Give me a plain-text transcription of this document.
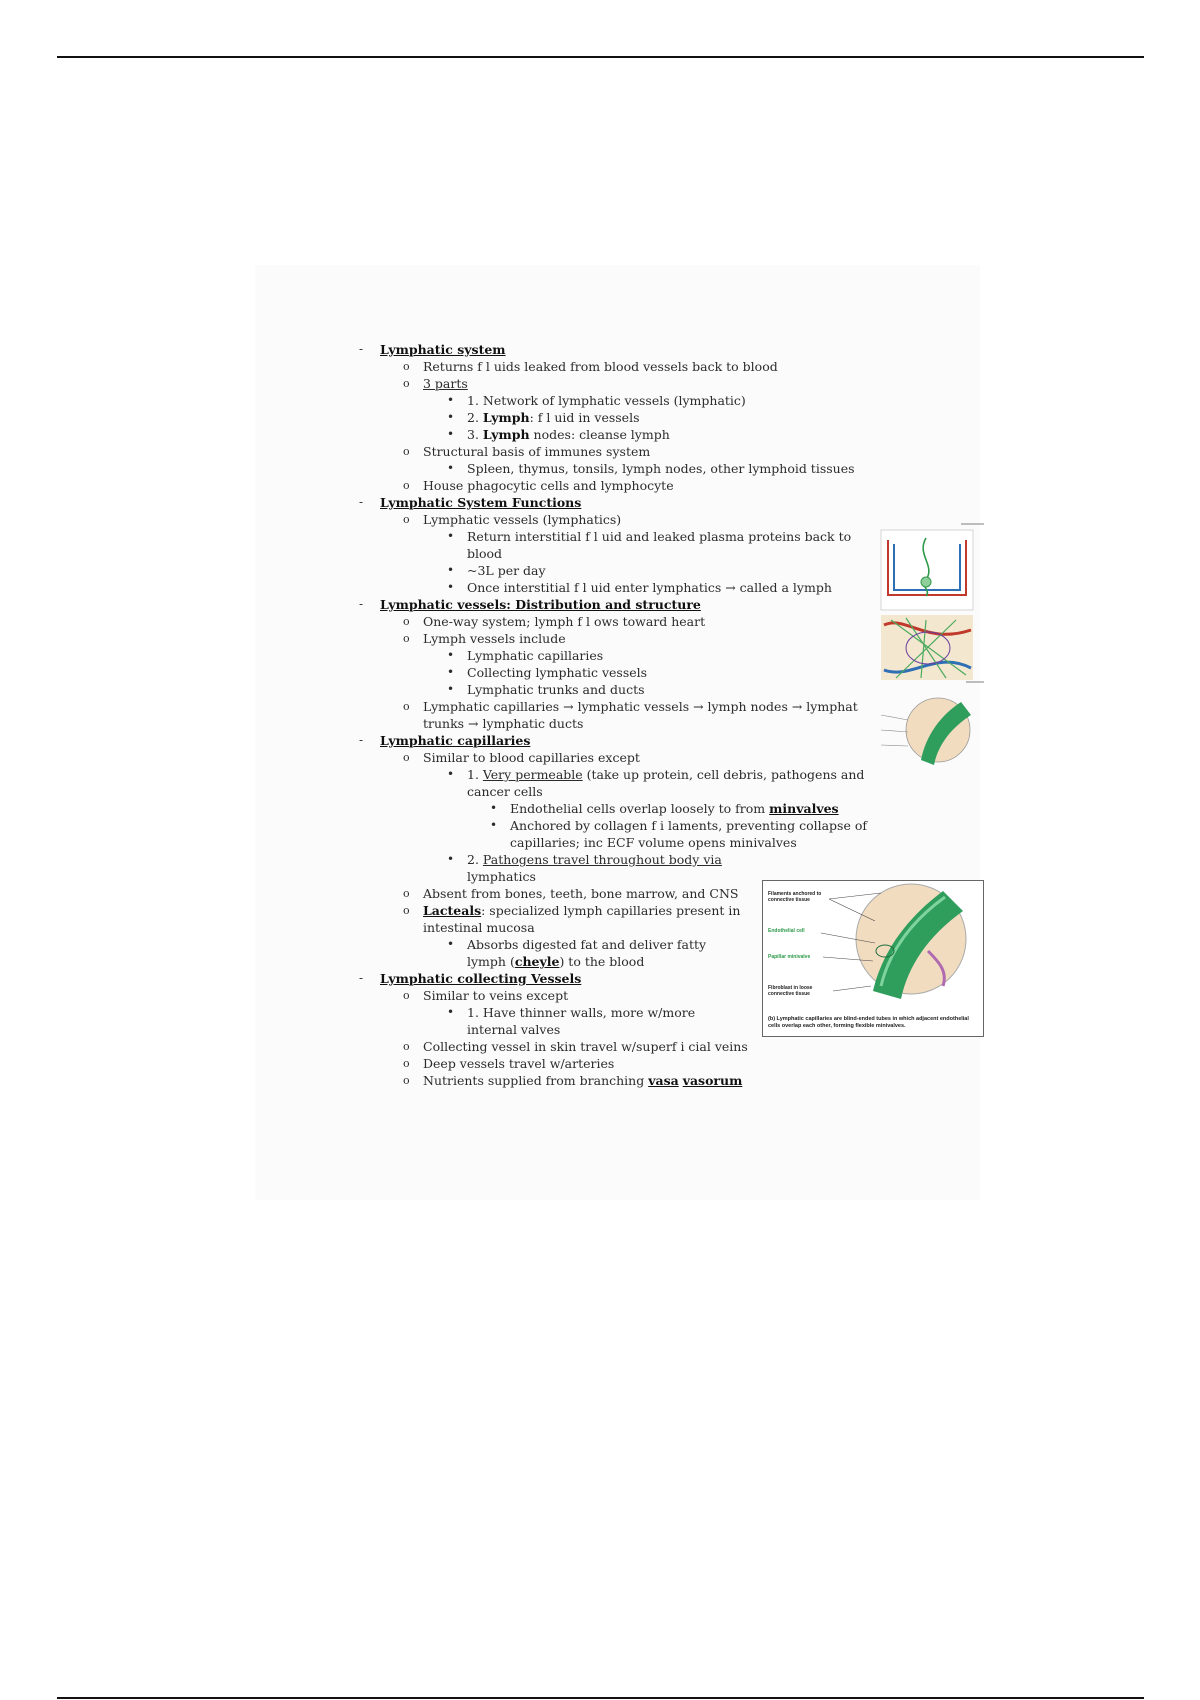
- Lymphatic system
o Returns f l uids leaked from blood vessels back to blood
o 3 parts
• 1. Network of lymphatic vessels (lymphatic)
• 2. Lymph: f l uid in vessels
• 3. Lymph nodes: cleanse lymph
o Structural basis of immunes system
• Spleen, thymus, tonsils, lymph nodes, other lymphoid tissues
o House phagocytic cells and lymphocyte
- Lymphatic System Functions
o Lymphatic vessels (lymphatics)
• Return interstitial f l uid and leaked plasma proteins back to
blood
• ~3L per day
• Once interstitial f l uid enter lymphatics → called a lymph
- Lymphatic vessels: Distribution and structure
o One-way system; lymph f l ows toward heart
o Lymph vessels include
• Lymphatic capillaries
• Collecting lymphatic vessels
• Lymphatic trunks and ducts
o Lymphatic capillaries → lymphatic vessels → lymph nodes → lymphat
trunks → lymphatic ducts
- Lymphatic capillaries
o Similar to blood capillaries except
• 1. Very permeable (take up protein, cell debris, pathogens and
cancer cells
• Endothelial cells overlap loosely to from minvalves
• Anchored by collagen f i laments, preventing collapse of
capillaries; inc ECF volume opens minivalves
• 2. Pathogens travel throughout body via
lymphatics
o Absent from bones, teeth, bone marrow, and CNS
o Lacteals: specialized lymph capillaries present in
intestinal mucosa
• Absorbs digested fat and deliver fatty
lymph (cheyle) to the blood
- Lymphatic collecting Vessels
o Similar to veins except
• 1. Have thinner walls, more w/more
internal valves
o Collecting vessel in skin travel w/superf i cial veins
o Deep vessels travel w/arteries
o Nutrients supplied from branching vasa vasorum
Filaments anchored to connective tissue
Endothelial cell
Papillar minivalve
Fibroblast in loose connective tissue
(b) Lymphatic capillaries are blind-ended tubes in which adjacent endothelial cells overlap each other, forming flexible minivalves.
